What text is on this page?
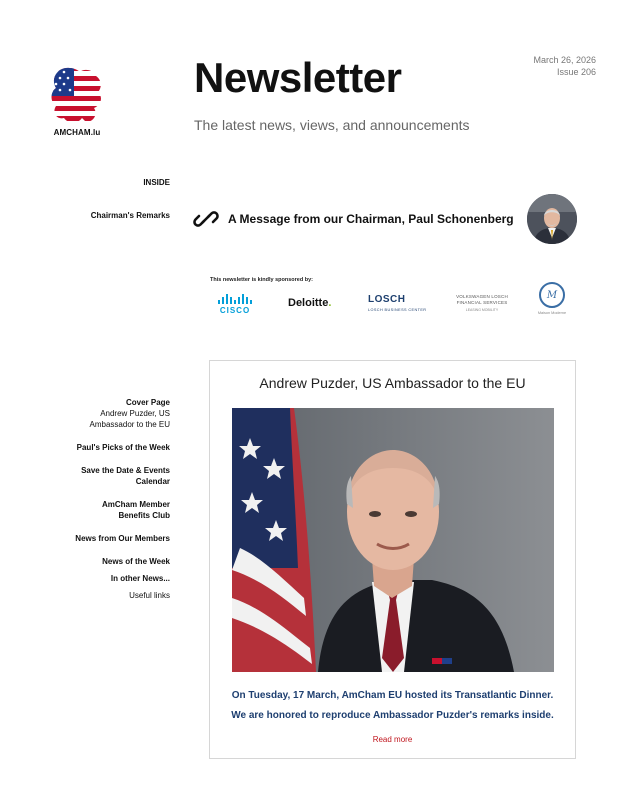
AMCHAM.lu
Newsletter
The latest news, views, and announcements
March 26, 2026
Issue 206
INSIDE
Chairman's Remarks	A Message from our Chairman, Paul Schonenberg
This newsletter is kindly sponsored by:
CISCO
Deloitte.	LOSCH
LOSCH BUSINESS CENTER
VOLKSWAGEN LOSCH
FINANCIAL SERVICES
LEASING MOBILITY
M
Maison Moderne
Cover Page
Andrew Puzder, US
Ambassador to the EU
Paul's Picks of the Week
Save the Date & Events
Calendar
AmCham Member
Benefits Club
News from Our Members
News of the Week
In other News...
Useful links
Andrew Puzder, US Ambassador to the EU
On Tuesday, 17 March, AmCham EU hosted its Transatlantic Dinner.
We are honored to reproduce Ambassador Puzder's remarks inside.
Read more
